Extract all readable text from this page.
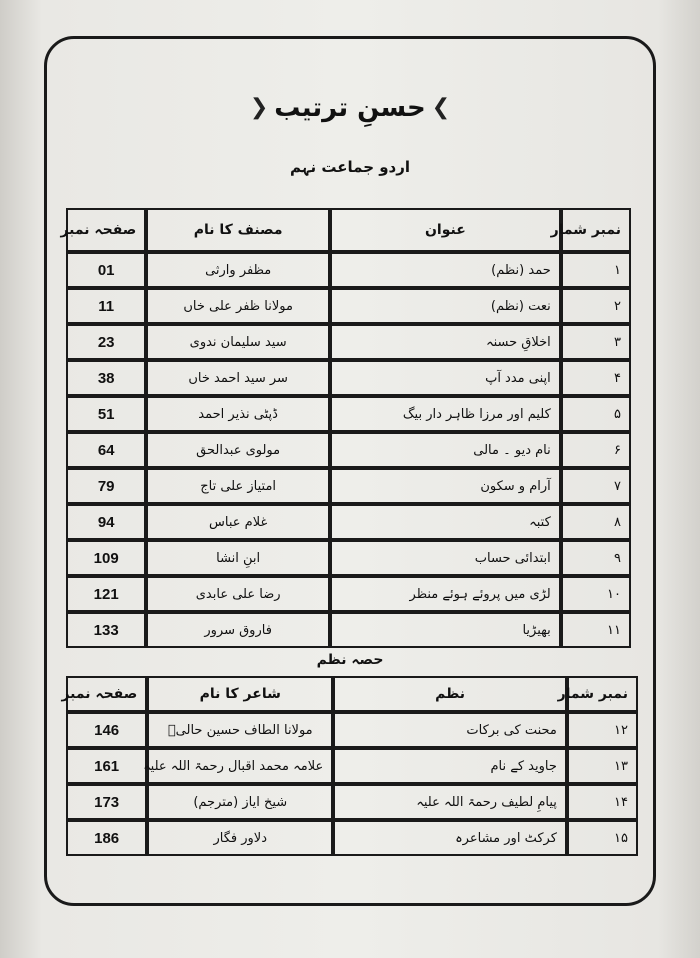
❯ حسنِ ترتیب ❮
اردو جماعت نہم
نمبر شمار	عنوان	مصنف کا نام	صفحہ نمبر
۱	حمد (نظم)	مظفر وارثی	01
۲	نعت (نظم)	مولانا ظفر علی خاں	11
۳	اخلاقِ حسنہ	سید سلیمان ندوی	23
۴	اپنی مدد آپ	سر سید احمد خاں	38
۵	کلیم اور مرزا ظاہر دار بیگ	ڈپٹی نذیر احمد	51
۶	نام دیو ۔ مالی	مولوی عبدالحق	64
۷	آرام و سکون	امتیاز علی تاج	79
۸	کتبہ	غلام عباس	94
۹	ابتدائی حساب	ابنِ انشا	109
۱۰	لڑی میں پروئے ہوئے منظر	رضا علی عابدی	121
۱۱	بھیڑیا	فاروق سرور	133
حصہ نظم
نمبر شمار	نظم	شاعر کا نام	صفحہ نمبر
۱۲	محنت کی برکات	مولانا الطاف حسین حالیؔ	146
۱۳	جاوید کے نام	علامہ محمد اقبال رحمۃ اللہ علیہ	161
۱۴	پیامِ لطیف رحمۃ اللہ علیہ	شیخ ایاز (مترجم)	173
۱۵	کرکٹ اور مشاعرہ	دلاور فگار	186
